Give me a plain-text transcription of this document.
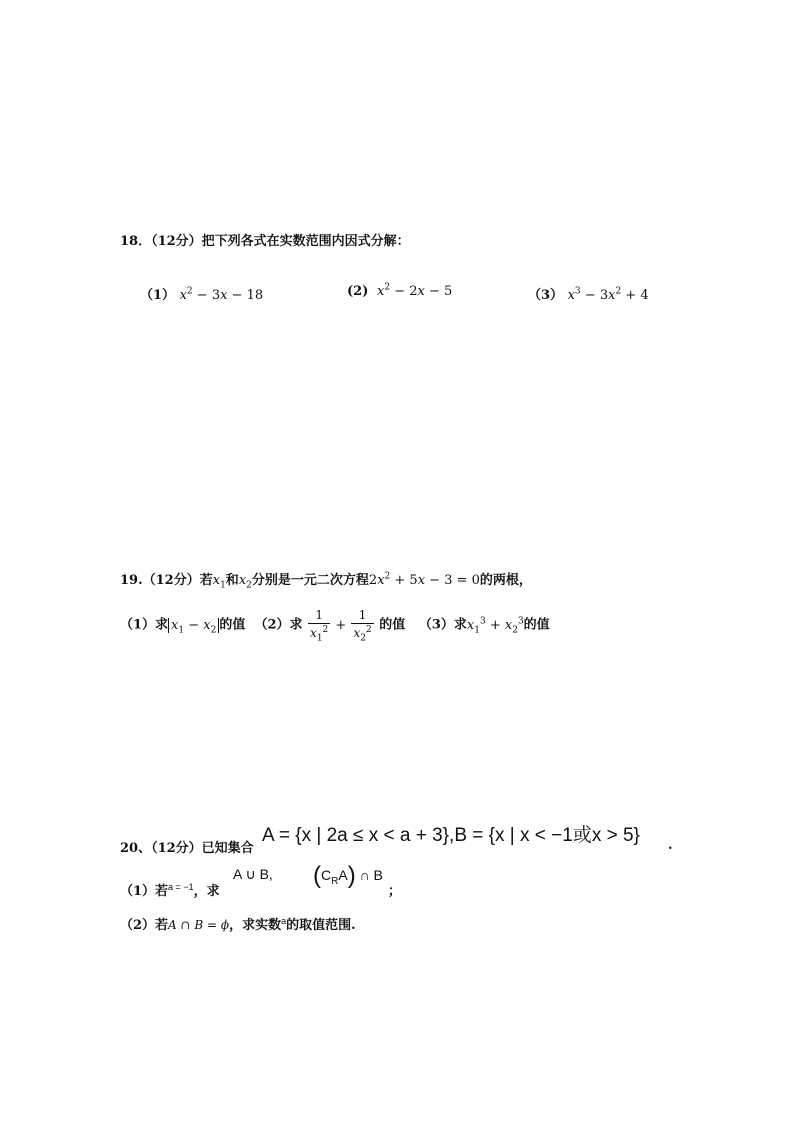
18．（12分）把下列各式在实数范围内因式分解：
（1） $x^2 - 3x - 18$	(2)  $x^2 - 2x - 5$	（3） $x^3 - 3x^2 + 4$
19.（12分）若$x_1$和$x_2$分别是一元二次方程$2x^2 + 5x - 3 = 0$的两根，
（1）求 $x_1 - x_2$ 的值 （2）求 $\frac{1}{x_1^2} + \frac{1}{x_2^2}$ 的值 （3）求$x_1^3 + x_2^3$的值
20、（12分）已知集合
A = {x | 2a ≤ x < a + 3},B = {x | x < −1或x > 5} .
（1）若$^{a = -1}$，求
A ∪ B, $(C_RA)$ ∩ B
；
（2）若A ∩ B = ϕ，求实数$^a$的取值范围.
